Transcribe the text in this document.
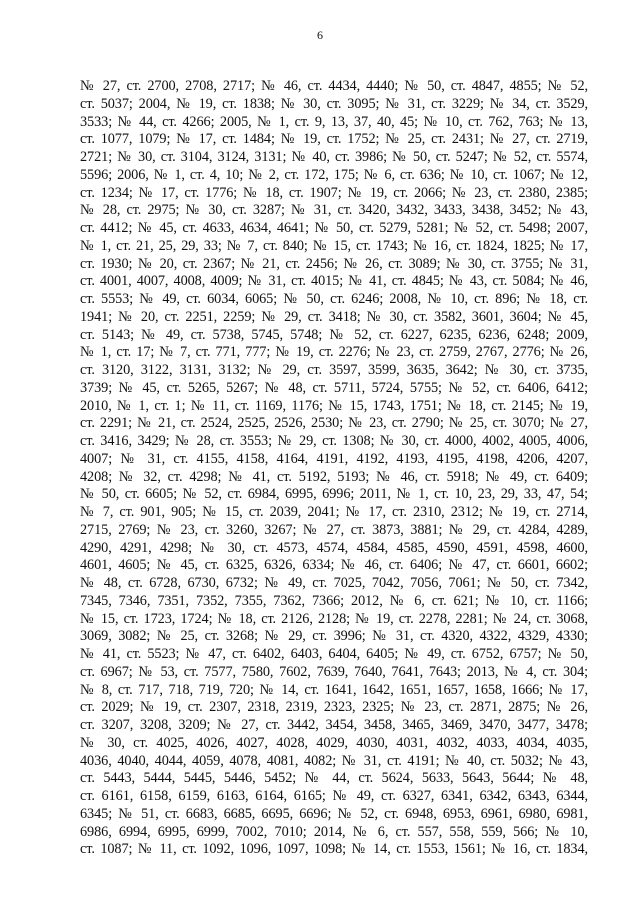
6
№ 27, ст. 2700, 2708, 2717; № 46, ст. 4434, 4440; № 50, ст. 4847, 4855; № 52,
ст. 5037; 2004, № 19, ст. 1838; № 30, ст. 3095; № 31, ст. 3229; № 34, ст. 3529,
3533; № 44, ст. 4266; 2005, № 1, ст. 9, 13, 37, 40, 45; № 10, ст. 762, 763; № 13,
ст. 1077, 1079; № 17, ст. 1484; № 19, ст. 1752; № 25, ст. 2431; № 27, ст. 2719,
2721; № 30, ст. 3104, 3124, 3131; № 40, ст. 3986; № 50, ст. 5247; № 52, ст. 5574,
5596; 2006, № 1, ст. 4, 10; № 2, ст. 172, 175; № 6, ст. 636; № 10, ст. 1067; № 12,
ст. 1234; № 17, ст. 1776; № 18, ст. 1907; № 19, ст. 2066; № 23, ст. 2380, 2385;
№ 28, ст. 2975; № 30, ст. 3287; № 31, ст. 3420, 3432, 3433, 3438, 3452; № 43,
ст. 4412; № 45, ст. 4633, 4634, 4641; № 50, ст. 5279, 5281; № 52, ст. 5498; 2007,
№ 1, ст. 21, 25, 29, 33; № 7, ст. 840; № 15, ст. 1743; № 16, ст. 1824, 1825; № 17,
ст. 1930; № 20, ст. 2367; № 21, ст. 2456; № 26, ст. 3089; № 30, ст. 3755; № 31,
ст. 4001, 4007, 4008, 4009; № 31, ст. 4015; № 41, ст. 4845; № 43, ст. 5084; № 46,
ст. 5553; № 49, ст. 6034, 6065; № 50, ст. 6246; 2008, № 10, ст. 896; № 18, ст.
1941; № 20, ст. 2251, 2259; № 29, ст. 3418; № 30, ст. 3582, 3601, 3604; № 45,
ст. 5143; № 49, ст. 5738, 5745, 5748; № 52, ст. 6227, 6235, 6236, 6248; 2009,
№ 1, ст. 17; № 7, ст. 771, 777; № 19, ст. 2276; № 23, ст. 2759, 2767, 2776; № 26,
ст. 3120, 3122, 3131, 3132; № 29, ст. 3597, 3599, 3635, 3642; № 30, ст. 3735,
3739; № 45, ст. 5265, 5267; № 48, ст. 5711, 5724, 5755; № 52, ст. 6406, 6412;
2010, № 1, ст. 1; № 11, ст. 1169, 1176; № 15, 1743, 1751; № 18, ст. 2145; № 19,
ст. 2291; № 21, ст. 2524, 2525, 2526, 2530; № 23, ст. 2790; № 25, ст. 3070; № 27,
ст. 3416, 3429; № 28, ст. 3553; № 29, ст. 1308; № 30, ст. 4000, 4002, 4005, 4006,
4007; № 31, ст. 4155, 4158, 4164, 4191, 4192, 4193, 4195, 4198, 4206, 4207,
4208; № 32, ст. 4298; № 41, ст. 5192, 5193; № 46, ст. 5918; № 49, ст. 6409;
№ 50, ст. 6605; № 52, ст. 6984, 6995, 6996; 2011, № 1, ст. 10, 23, 29, 33, 47, 54;
№ 7, ст. 901, 905; № 15, ст. 2039, 2041; № 17, ст. 2310, 2312; № 19, ст. 2714,
2715, 2769; № 23, ст. 3260, 3267; № 27, ст. 3873, 3881; № 29, ст. 4284, 4289,
4290, 4291, 4298; № 30, ст. 4573, 4574, 4584, 4585, 4590, 4591, 4598, 4600,
4601, 4605; № 45, ст. 6325, 6326, 6334; № 46, ст. 6406; № 47, ст. 6601, 6602;
№ 48, ст. 6728, 6730, 6732; № 49, ст. 7025, 7042, 7056, 7061; № 50, ст. 7342,
7345, 7346, 7351, 7352, 7355, 7362, 7366; 2012, № 6, ст. 621; № 10, ст. 1166;
№ 15, ст. 1723, 1724; № 18, ст. 2126, 2128; № 19, ст. 2278, 2281; № 24, ст. 3068,
3069, 3082; № 25, ст. 3268; № 29, ст. 3996; № 31, ст. 4320, 4322, 4329, 4330;
№ 41, ст. 5523; № 47, ст. 6402, 6403, 6404, 6405; № 49, ст. 6752, 6757; № 50,
ст. 6967; № 53, ст. 7577, 7580, 7602, 7639, 7640, 7641, 7643; 2013, № 4, ст. 304;
№ 8, ст. 717, 718, 719, 720; № 14, ст. 1641, 1642, 1651, 1657, 1658, 1666; № 17,
ст. 2029; № 19, ст. 2307, 2318, 2319, 2323, 2325; № 23, ст. 2871, 2875; № 26,
ст. 3207, 3208, 3209; № 27, ст. 3442, 3454, 3458, 3465, 3469, 3470, 3477, 3478;
№ 30, ст. 4025, 4026, 4027, 4028, 4029, 4030, 4031, 4032, 4033, 4034, 4035,
4036, 4040, 4044, 4059, 4078, 4081, 4082; № 31, ст. 4191; № 40, ст. 5032; № 43,
ст. 5443, 5444, 5445, 5446, 5452; № 44, ст. 5624, 5633, 5643, 5644; № 48,
ст. 6161, 6158, 6159, 6163, 6164, 6165; № 49, ст. 6327, 6341, 6342, 6343, 6344,
6345; № 51, ст. 6683, 6685, 6695, 6696; № 52, ст. 6948, 6953, 6961, 6980, 6981,
6986, 6994, 6995, 6999, 7002, 7010; 2014, № 6, ст. 557, 558, 559, 566; № 10,
ст. 1087; № 11, ст. 1092, 1096, 1097, 1098; № 14, ст. 1553, 1561; № 16, ст. 1834,
